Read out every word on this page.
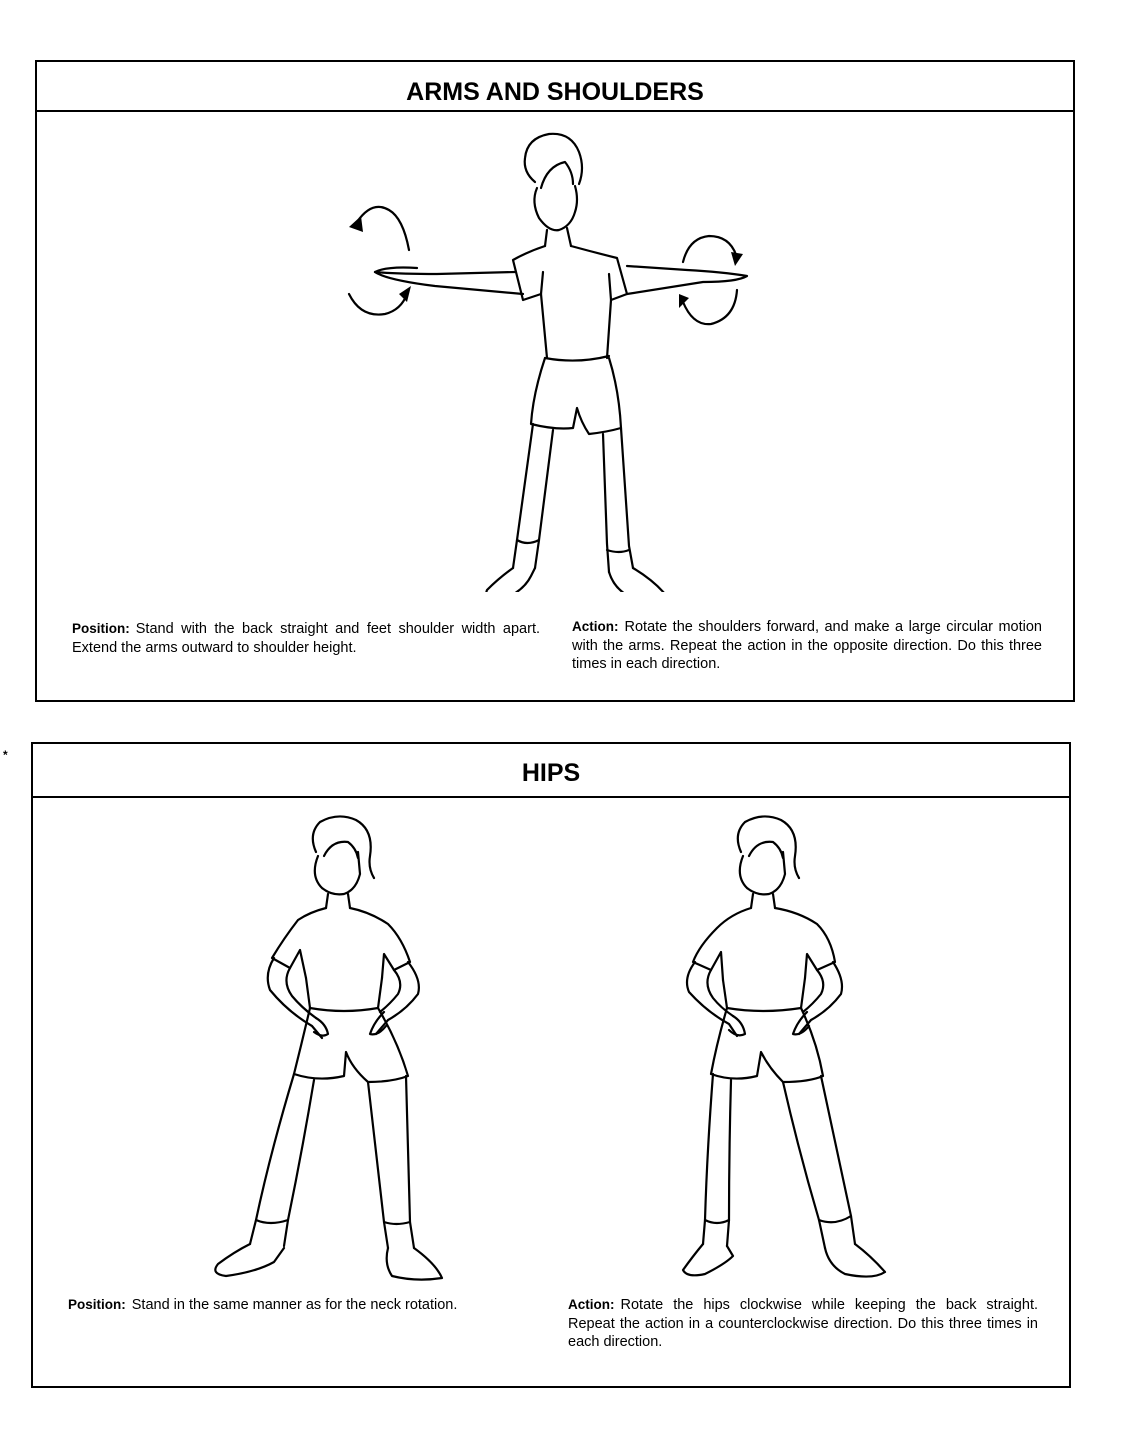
*
ARMS AND SHOULDERS
Position: Stand with the back straight and feet shoulder width apart. Extend the arms outward to shoulder height.
Action: Rotate the shoulders forward, and make a large circular motion with the arms. Repeat the action in the opposite direction. Do this three times in each direction.
HIPS
Position: Stand in the same manner as for the neck rotation.	Action: Rotate the hips clockwise while keeping the back straight. Repeat the action in a counterclockwise direction. Do this three times in each direction.
